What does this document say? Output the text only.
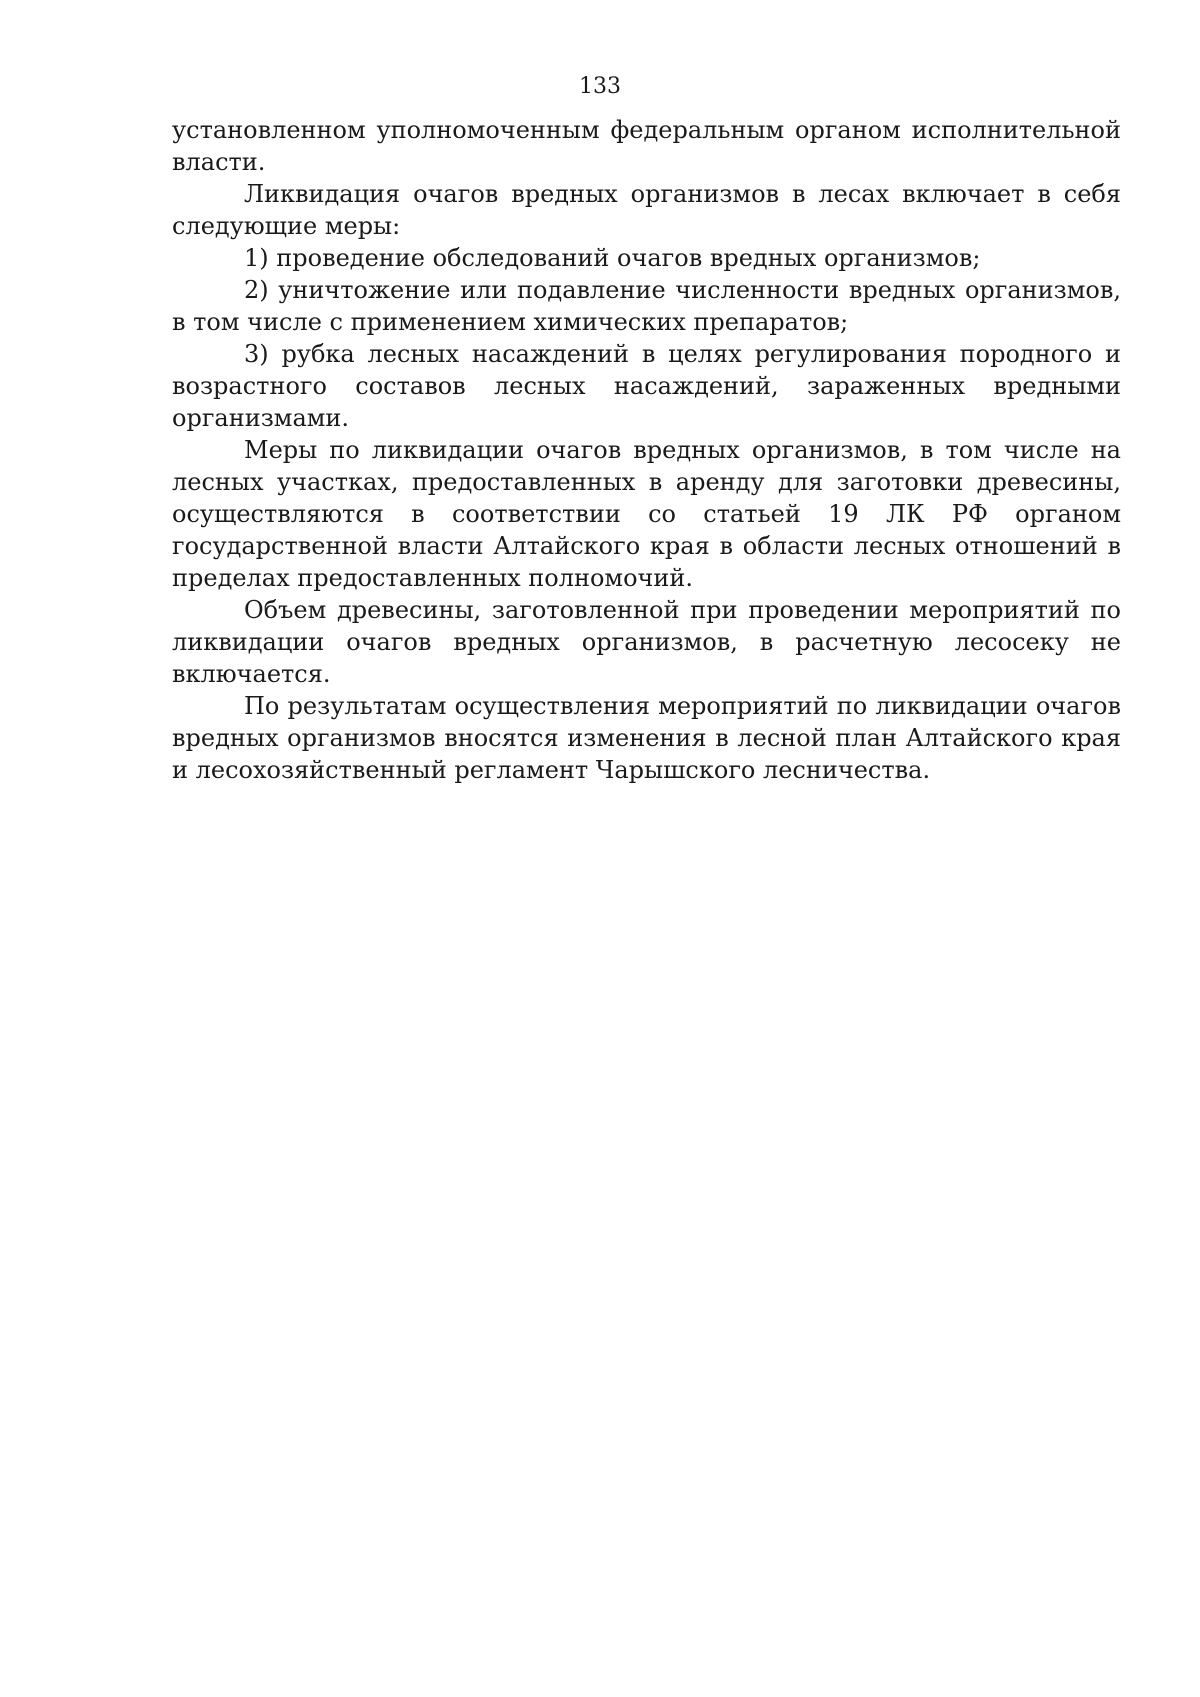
133

установленном уполномоченным федеральным органом исполнительной власти.

Ликвидация очагов вредных организмов в лесах включает в себя следующие меры:

1) проведение обследований очагов вредных организмов;

2) уничтожение или подавление численности вредных организмов, в том числе с применением химических препаратов;

3) рубка лесных насаждений в целях регулирования породного и возрастного составов лесных насаждений, зараженных вредными организмами.

Меры по ликвидации очагов вредных организмов, в том числе на лесных участках, предоставленных в аренду для заготовки древесины, осуществляются в соответствии со статьей 19 ЛК РФ органом государственной власти Алтайского края в области лесных отношений в пределах предоставленных полномочий.

Объем древесины, заготовленной при проведении мероприятий по ликвидации очагов вредных организмов, в расчетную лесосеку не включается.

По результатам осуществления мероприятий по ликвидации очагов вредных организмов вносятся изменения в лесной план Алтайского края и лесохозяйственный регламент Чарышского лесничества.
